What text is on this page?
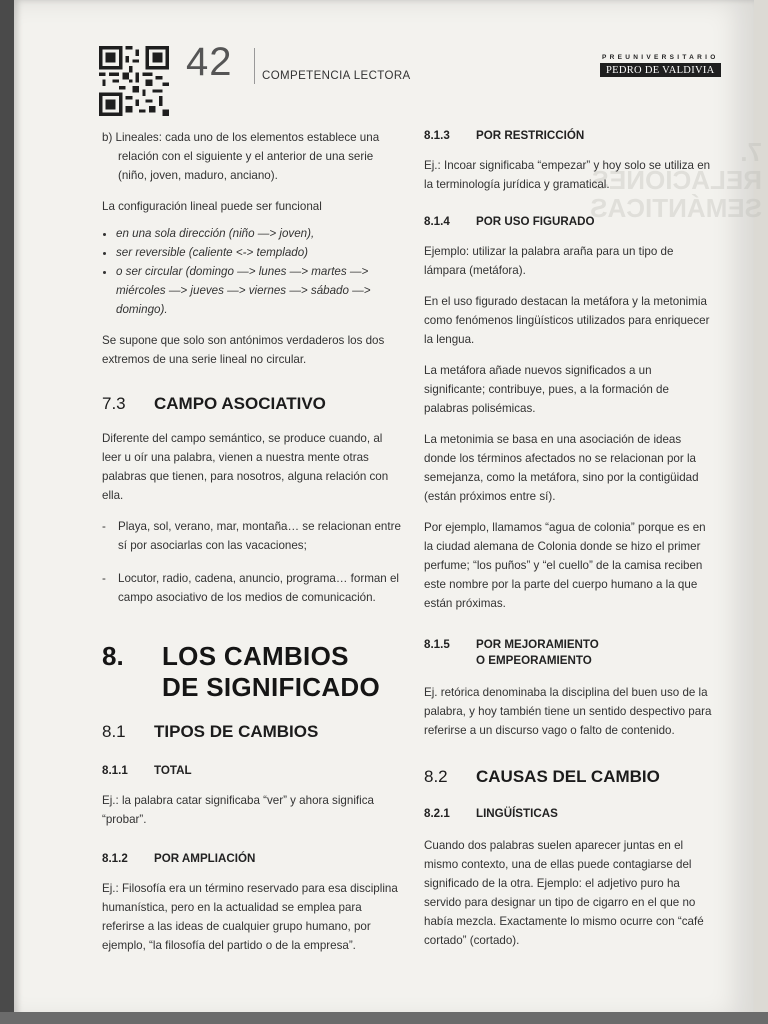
42	COMPETENCIA LECTORA
PREUNIVERSITARIO
PEDRO DE VALDIVIA
7. RELACIONES SEMÁNTICAS

b) Lineales: cada uno de los elementos establece una relación con el siguiente y el anterior de una serie (niño, joven, maduro, anciano).

La configuración lineal puede ser funcional

• en una sola dirección (niño —> joven),
• ser reversible (caliente <-> templado)
• o ser circular (domingo —> lunes —> martes —> miércoles —> jueves —> viernes —> sábado —> domingo).

Se supone que solo son antónimos verdaderos los dos extremos de una serie lineal no circular.

7.3	CAMPO ASOCIATIVO

Diferente del campo semántico, se produce cuando, al leer u oír una palabra, vienen a nuestra mente otras palabras que tienen, para nosotros, alguna relación con ella.

- Playa, sol, verano, mar, montaña… se relacionan entre sí por asociarlas con las vacaciones;
- Locutor, radio, cadena, anuncio, programa… forman el campo asociativo de los medios de comunicación.
8.	LOS CAMBIOS
DE SIGNIFICADO
8.1	TIPOS DE CAMBIOS
8.1.1	TOTAL

Ej.: la palabra catar significaba “ver” y ahora significa “probar”.

8.1.2	POR AMPLIACIÓN

Ej.: Filosofía era un término reservado para esa disciplina humanística, pero en la actualidad se emplea para referirse a las ideas de cualquier grupo humano, por ejemplo, “la filosofía del partido o de la empresa”.

8.1.3	POR RESTRICCIÓN

Ej.: Incoar significaba “empezar” y hoy solo se utiliza en la terminología jurídica y gramatical.

8.1.4	POR USO FIGURADO

Ejemplo: utilizar la palabra araña para un tipo de lámpara (metáfora).

En el uso figurado destacan la metáfora y la metonimia como fenómenos lingüísticos utilizados para enriquecer la lengua.

La metáfora añade nuevos significados a un significante; contribuye, pues, a la formación de palabras polisémicas.

La metonimia se basa en una asociación de ideas donde los términos afectados no se relacionan por la semejanza, como la metáfora, sino por la contigüidad (están próximos entre sí).

Por ejemplo, llamamos “agua de colonia” porque es en la ciudad alemana de Colonia donde se hizo el primer perfume; “los puños” y “el cuello” de la camisa reciben este nombre por la parte del cuerpo humano a la que están próximas.

8.1.5	POR MEJORAMIENTO
O EMPEORAMIENTO

Ej. retórica denominaba la disciplina del buen uso de la palabra, y hoy también tiene un sentido despectivo para referirse a un discurso vago o falto de contenido.

8.2	CAUSAS DEL CAMBIO
8.2.1	LINGÜÍSTICAS

Cuando dos palabras suelen aparecer juntas en el mismo contexto, una de ellas puede contagiarse del significado de la otra. Ejemplo: el adjetivo puro ha servido para designar un tipo de cigarro en el que no había mezcla. Exactamente lo mismo ocurre con “café cortado” (cortado).
